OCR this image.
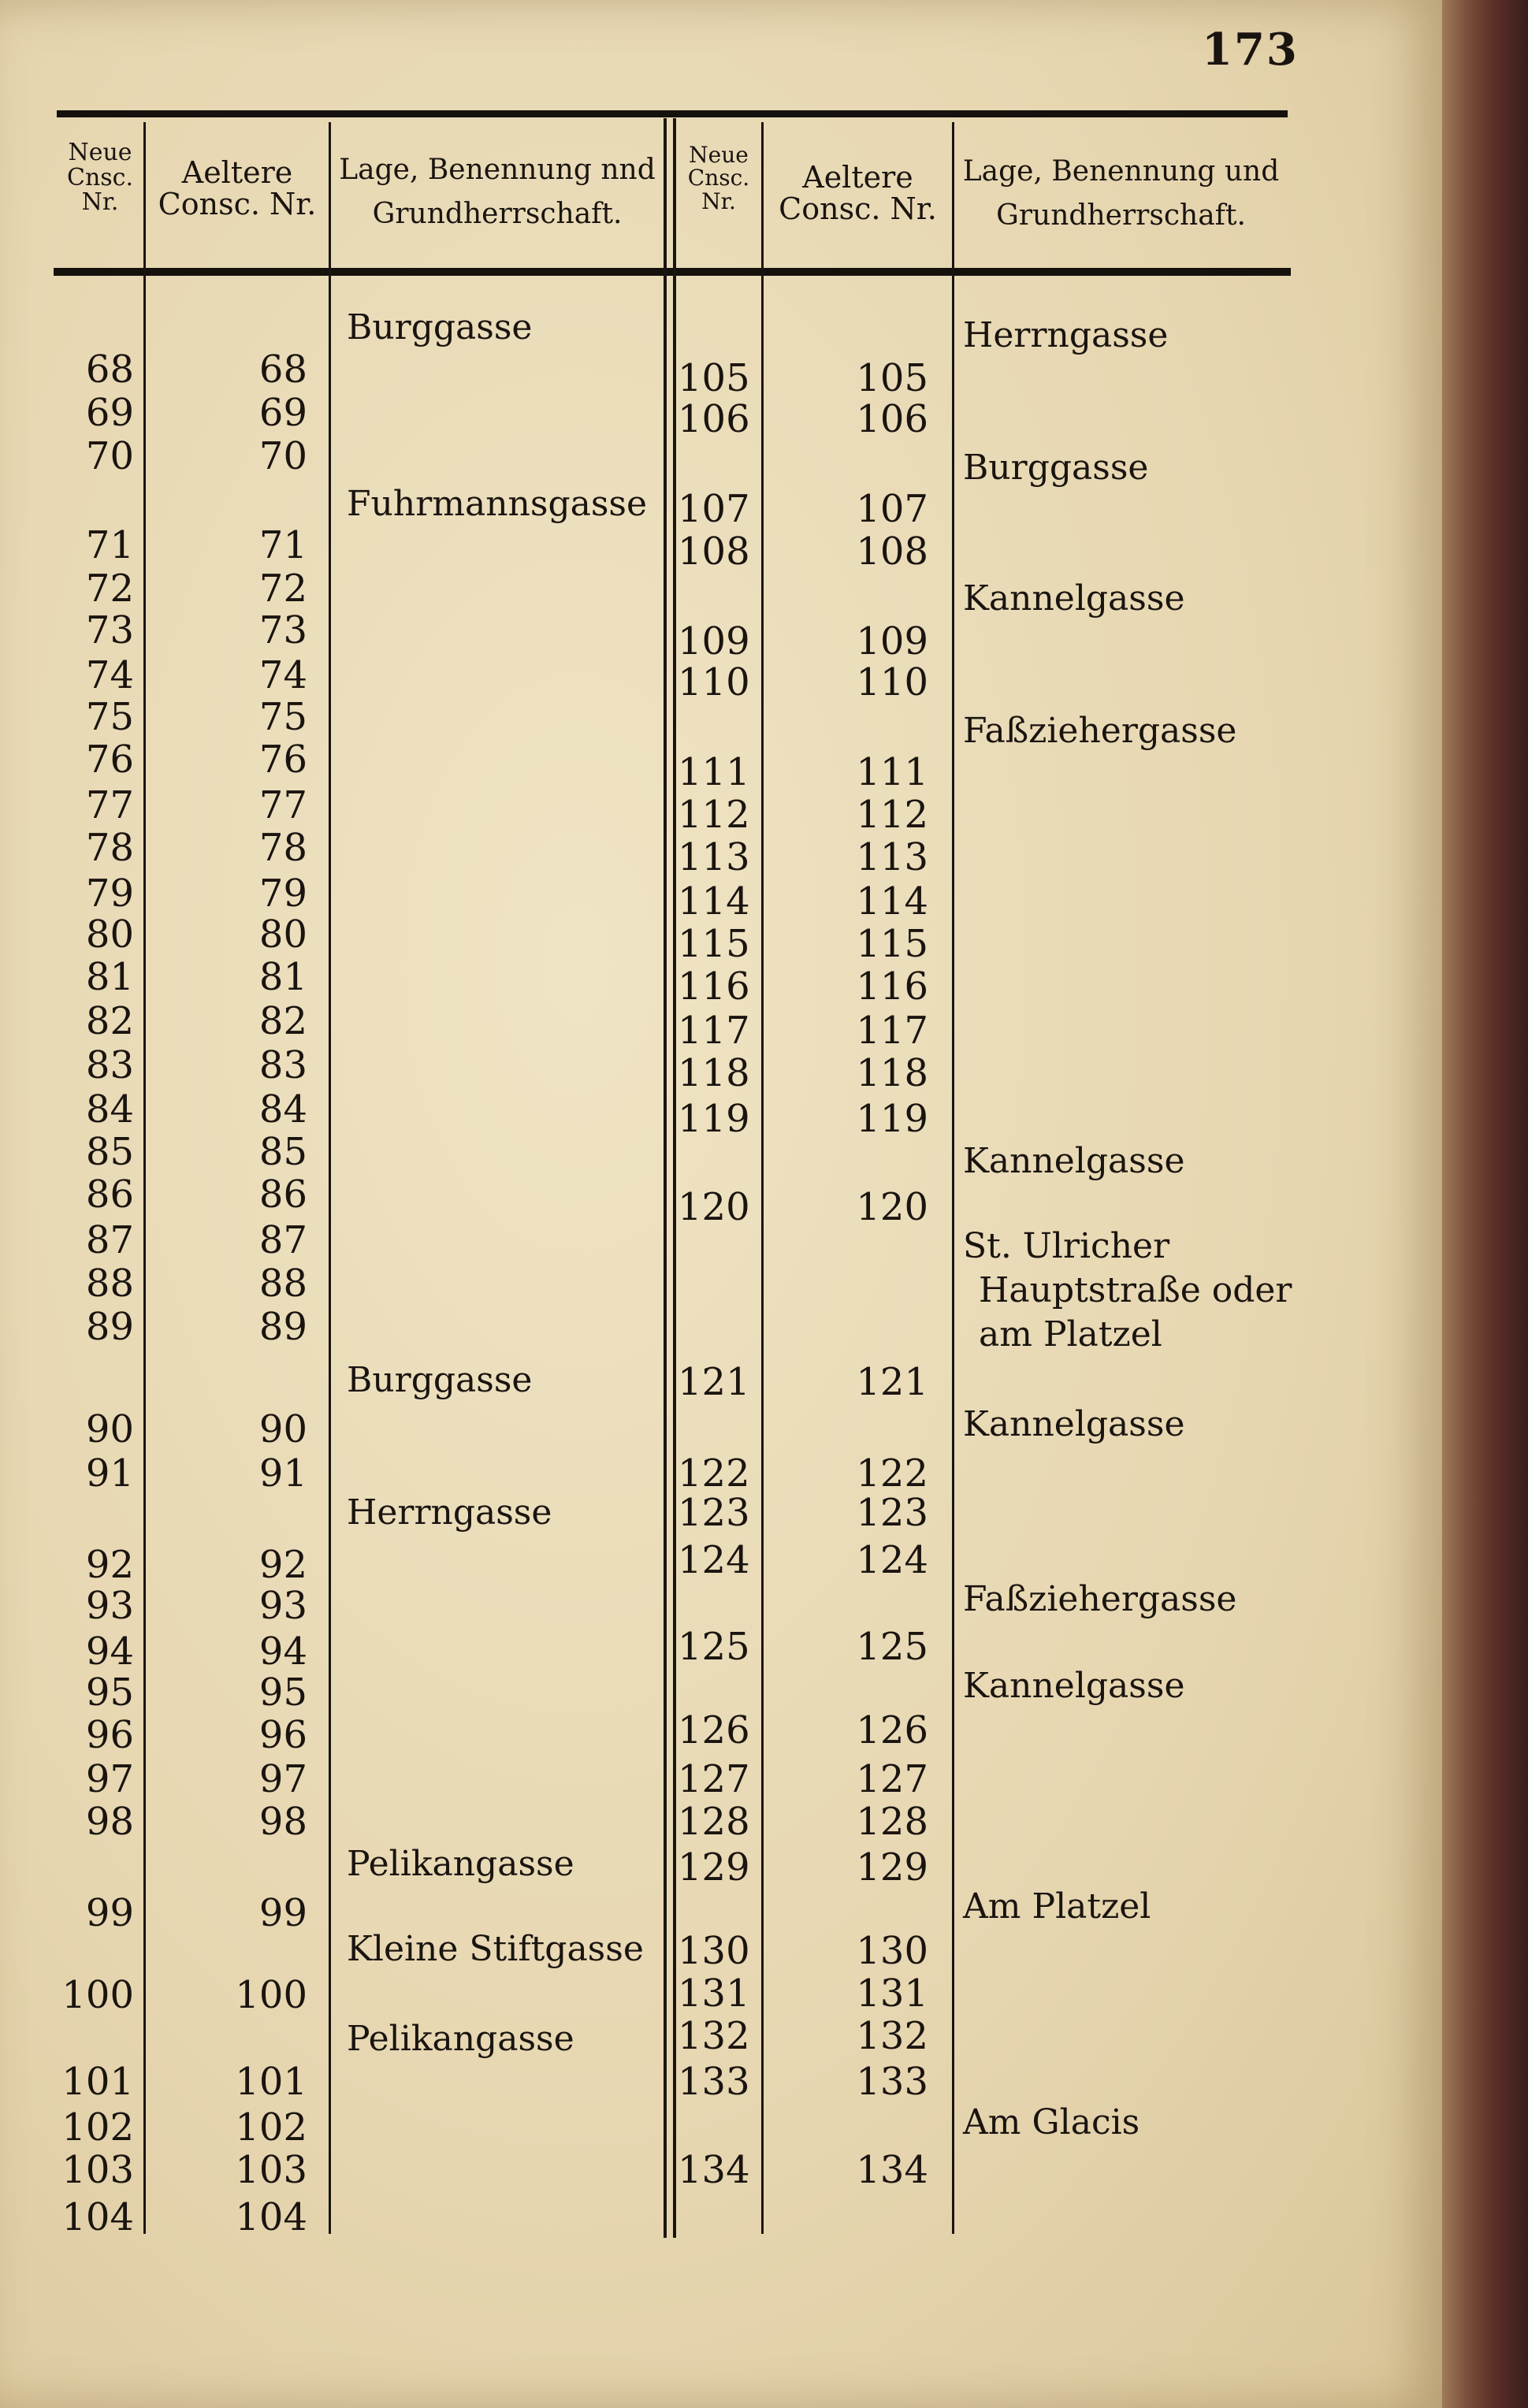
173
Neue
Cnsc.
Nr.
Aeltere
Consc. Nr.
Lage, Benennung nnd
Grundherrschaft.
Neue
Cnsc.
Nr.
Aeltere
Consc. Nr.
Lage, Benennung und
Grundherrschaft.
68
69
70
71
72
73
74
75
76
77
78
79
80
81
82
83
84
85
86
87
88
89
90
91
92
93
94
95
96
97
98
99
100
101
102
103
104
68
69
70
71
72
73
74
75
76
77
78
79
80
81
82
83
84
85
86
87
88
89
90
91
92
93
94
95
96
97
98
99
100
101
102
103
104
Burggasse
Fuhrmannsgasse
Burggasse
Herrngasse
Pelikangasse
Kleine Stiftgasse
Pelikangasse
105
106
107
108
109
110
111
112
113
114
115
116
117
118
119
120
121
122
123
124
125
126
127
128
129
130
131
132
133
134
105
106
107
108
109
110
111
112
113
114
115
116
117
118
119
120
121
122
123
124
125
126
127
128
129
130
131
132
133
134
Herrngasse
Burggasse
Kannelgasse
Faßziehergasse
Kannelgasse
St. Ulricher
Hauptstraße oder
am Platzel
Kannelgasse
Faßziehergasse
Kannelgasse
Am Platzel
Am Glacis
